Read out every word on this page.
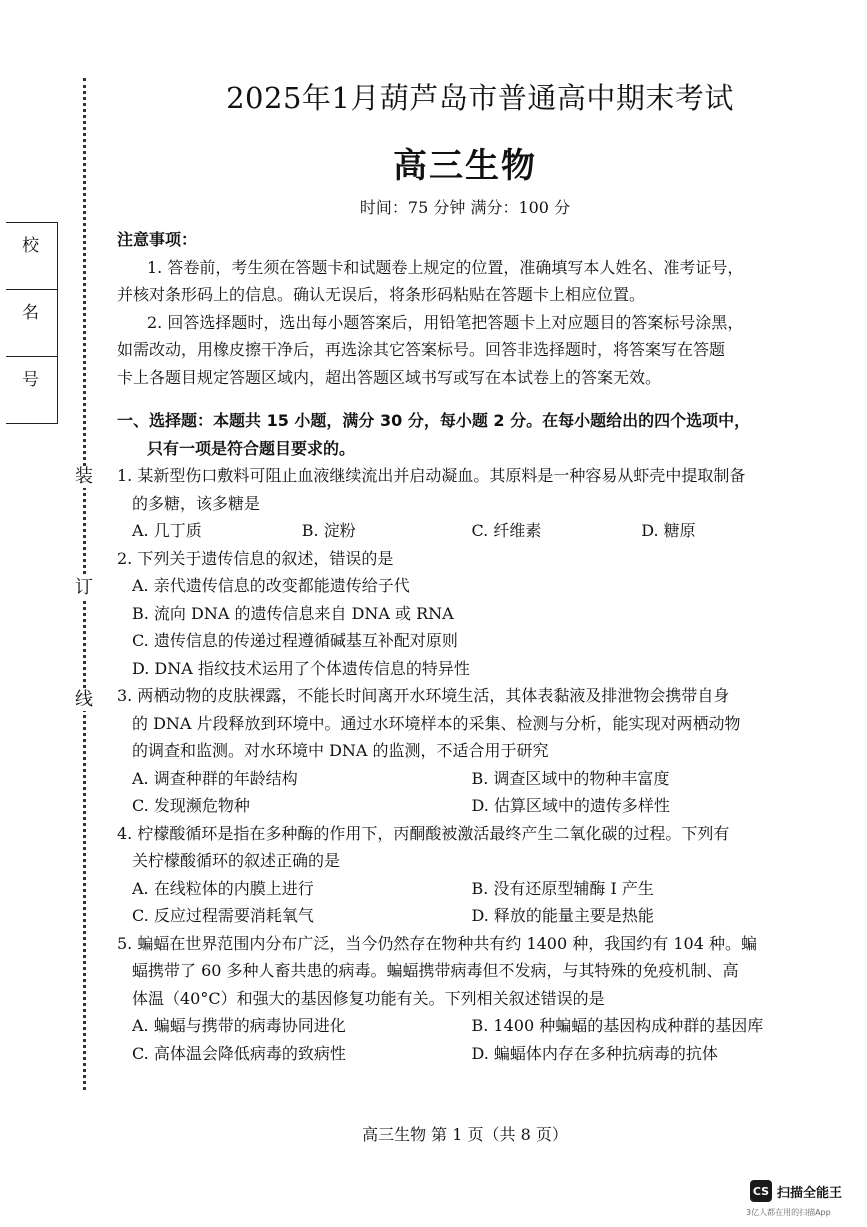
装
订
线
校
名
号
2025年1月葫芦岛市普通高中期末考试
高三生物
时间：75 分钟 满分：100 分
注意事项：
1. 答卷前，考生须在答题卡和试题卷上规定的位置，准确填写本人姓名、准考证号，
并核对条形码上的信息。确认无误后，将条形码粘贴在答题卡上相应位置。
2. 回答选择题时，选出每小题答案后，用铅笔把答题卡上对应题目的答案标号涂黑，
如需改动，用橡皮擦干净后，再选涂其它答案标号。回答非选择题时，将答案写在答题
卡上各题目规定答题区域内，超出答题区域书写或写在本试卷上的答案无效。
一、选择题：本题共 15 小题，满分 30 分，每小题 2 分。在每小题给出的四个选项中，
只有一项是符合题目要求的。
1. 某新型伤口敷料可阻止血液继续流出并启动凝血。其原料是一种容易从虾壳中提取制备
的多糖，该多糖是
A. 几丁质	B. 淀粉	C. 纤维素	D. 糖原
2. 下列关于遗传信息的叙述，错误的是
A. 亲代遗传信息的改变都能遗传给子代
B. 流向 DNA 的遗传信息来自 DNA 或 RNA
C. 遗传信息的传递过程遵循碱基互补配对原则
D. DNA 指纹技术运用了个体遗传信息的特异性
3. 两栖动物的皮肤裸露，不能长时间离开水环境生活，其体表黏液及排泄物会携带自身
的 DNA 片段释放到环境中。通过水环境样本的采集、检测与分析，能实现对两栖动物
的调查和监测。对水环境中 DNA 的监测，不适合用于研究
A. 调查种群的年龄结构	B. 调查区域中的物种丰富度
C. 发现濒危物种	D. 估算区域中的遗传多样性
4. 柠檬酸循环是指在多种酶的作用下，丙酮酸被激活最终产生二氧化碳的过程。下列有
关柠檬酸循环的叙述正确的是
A. 在线粒体的内膜上进行	B. 没有还原型辅酶 I 产生
C. 反应过程需要消耗氧气	D. 释放的能量主要是热能
5. 蝙蝠在世界范围内分布广泛，当今仍然存在物种共有约 1400 种，我国约有 104 种。蝙
蝠携带了 60 多种人畜共患的病毒。蝙蝠携带病毒但不发病，与其特殊的免疫机制、高
体温（40°C）和强大的基因修复功能有关。下列相关叙述错误的是
A. 蝙蝠与携带的病毒协同进化	B. 1400 种蝙蝠的基因构成种群的基因库
C. 高体温会降低病毒的致病性	D. 蝙蝠体内存在多种抗病毒的抗体
高三生物 第 1 页（共 8 页）
CS 扫描全能王
3亿人都在用的扫描App
